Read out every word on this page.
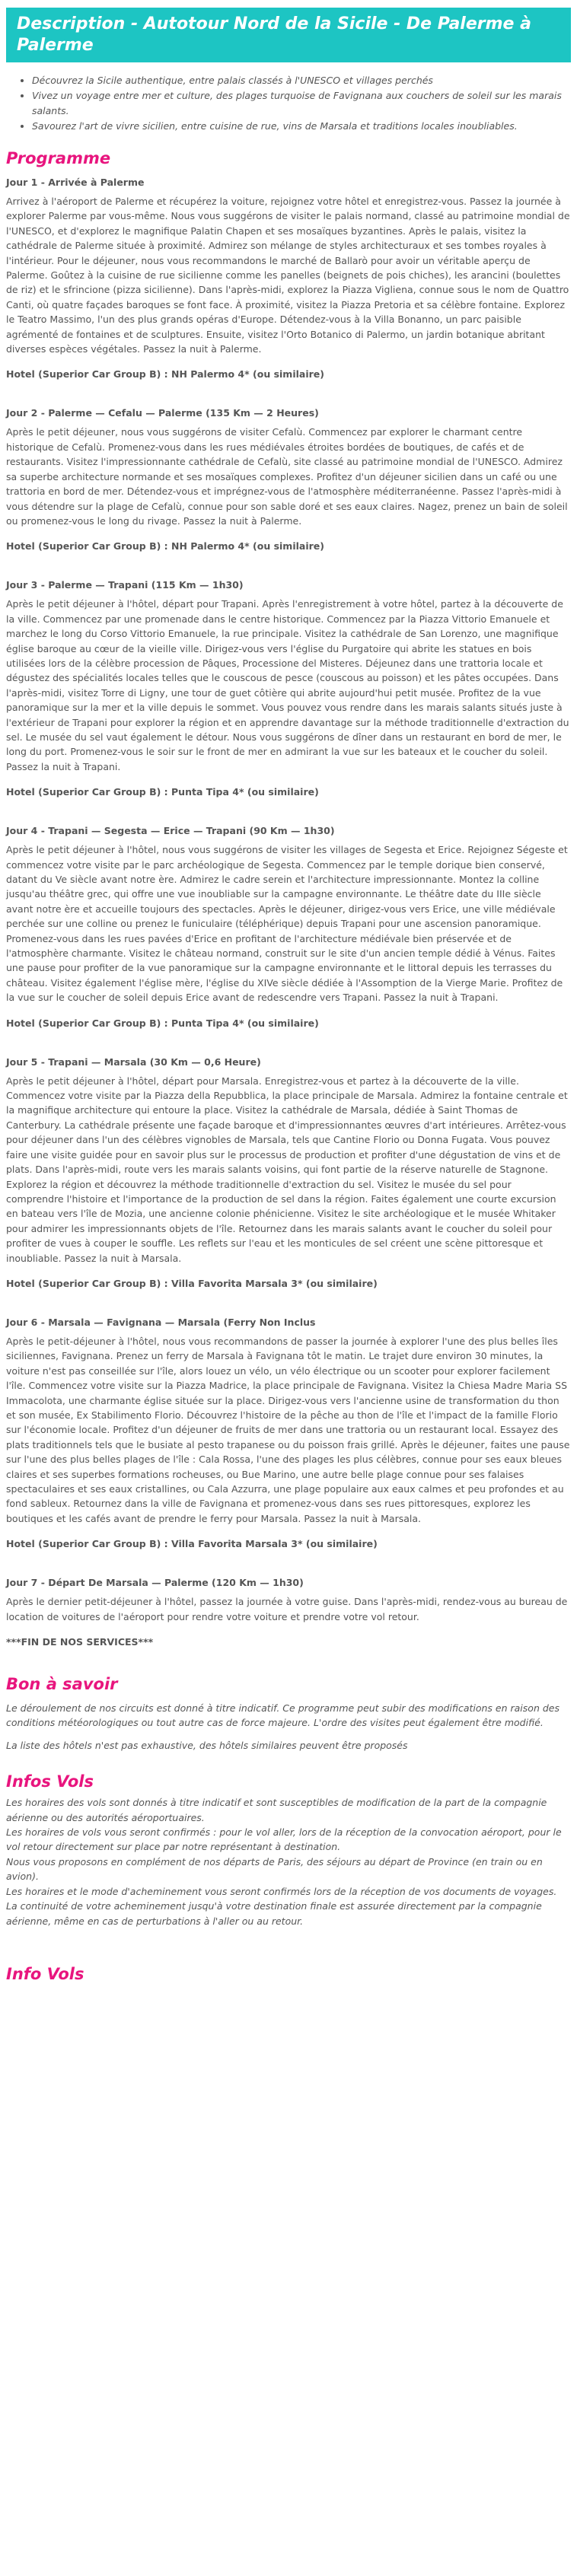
Description - Autotour Nord de la Sicile - De Palerme à Palerme
• Découvrez la Sicile authentique, entre palais classés à l'UNESCO et villages perchés
• Vivez un voyage entre mer et culture, des plages turquoise de Favignana aux couchers de soleil sur les marais salants.
• Savourez l'art de vivre sicilien, entre cuisine de rue, vins de Marsala et traditions locales inoubliables.
Programme
Jour 1 - Arrivée à Palerme
Arrivez à l'aéroport de Palerme et récupérez la voiture, rejoignez votre hôtel et enregistrez-vous. Passez la journée à explorer Palerme par vous-même. Nous vous suggérons de visiter le palais normand, classé au patrimoine mondial de l'UNESCO, et d'explorez le magnifique Palatin Chapen et ses mosaïques byzantines. Après le palais, visitez la cathédrale de Palerme située à proximité. Admirez son mélange de styles architecturaux et ses tombes royales à l'intérieur. Pour le déjeuner, nous vous recommandons le marché de Ballarò pour avoir un véritable aperçu de Palerme. Goûtez à la cuisine de rue sicilienne comme les panelles (beignets de pois chiches), les arancini (boulettes de riz) et le sfrincione (pizza sicilienne). Dans l'après-midi, explorez la Piazza Vigliena, connue sous le nom de Quattro Canti, où quatre façades baroques se font face. À proximité, visitez la Piazza Pretoria et sa célèbre fontaine. Explorez le Teatro Massimo, l'un des plus grands opéras d'Europe. Détendez-vous à la Villa Bonanno, un parc paisible agrémenté de fontaines et de sculptures. Ensuite, visitez l'Orto Botanico di Palermo, un jardin botanique abritant diverses espèces végétales. Passez la nuit à Palerme.
Hotel (Superior Car Group B) : NH Palermo 4* (ou similaire)
Jour 2 - Palerme — Cefalu — Palerme (135 Km — 2 Heures)
Après le petit déjeuner, nous vous suggérons de visiter Cefalù. Commencez par explorer le charmant centre historique de Cefalù. Promenez-vous dans les rues médiévales étroites bordées de boutiques, de cafés et de restaurants. Visitez l'impressionnante cathédrale de Cefalù, site classé au patrimoine mondial de l'UNESCO. Admirez sa superbe architecture normande et ses mosaïques complexes. Profitez d'un déjeuner sicilien dans un café ou une trattoria en bord de mer. Détendez-vous et imprégnez-vous de l'atmosphère méditerranéenne. Passez l'après-midi à vous détendre sur la plage de Cefalù, connue pour son sable doré et ses eaux claires. Nagez, prenez un bain de soleil ou promenez-vous le long du rivage. Passez la nuit à Palerme.
Hotel (Superior Car Group B) : NH Palermo 4* (ou similaire)
Jour 3 - Palerme — Trapani (115 Km — 1h30)
Après le petit déjeuner à l'hôtel, départ pour Trapani. Après l'enregistrement à votre hôtel, partez à la découverte de la ville. Commencez par une promenade dans le centre historique. Commencez par la Piazza Vittorio Emanuele et marchez le long du Corso Vittorio Emanuele, la rue principale. Visitez la cathédrale de San Lorenzo, une magnifique église baroque au cœur de la vieille ville. Dirigez-vous vers l'église du Purgatoire qui abrite les statues en bois utilisées lors de la célèbre procession de Pâques, Processione del Misteres. Déjeunez dans une trattoria locale et dégustez des spécialités locales telles que le couscous de pesce (couscous au poisson) et les pâtes occupées. Dans l'après-midi, visitez Torre di Ligny, une tour de guet côtière qui abrite aujourd'hui petit musée. Profitez de la vue panoramique sur la mer et la ville depuis le sommet. Vous pouvez vous rendre dans les marais salants situés juste à l'extérieur de Trapani pour explorer la région et en apprendre davantage sur la méthode traditionnelle d'extraction du sel. Le musée du sel vaut également le détour. Nous vous suggérons de dîner dans un restaurant en bord de mer, le long du port. Promenez-vous le soir sur le front de mer en admirant la vue sur les bateaux et le coucher du soleil. Passez la nuit à Trapani.
Hotel (Superior Car Group B) : Punta Tipa 4* (ou similaire)
Jour 4 - Trapani — Segesta — Erice — Trapani (90 Km — 1h30)
Après le petit déjeuner à l'hôtel, nous vous suggérons de visiter les villages de Segesta et Erice. Rejoignez Ségeste et commencez votre visite par le parc archéologique de Segesta. Commencez par le temple dorique bien conservé, datant du Ve siècle avant notre ère. Admirez le cadre serein et l'architecture impressionnante. Montez la colline jusqu'au théâtre grec, qui offre une vue inoubliable sur la campagne environnante. Le théâtre date du IIIe siècle avant notre ère et accueille toujours des spectacles. Après le déjeuner, dirigez-vous vers Erice, une ville médiévale perchée sur une colline ou prenez le funiculaire (téléphérique) depuis Trapani pour une ascension panoramique. Promenez-vous dans les rues pavées d'Erice en profitant de l'architecture médiévale bien préservée et de l'atmosphère charmante. Visitez le château normand, construit sur le site d'un ancien temple dédié à Vénus. Faites une pause pour profiter de la vue panoramique sur la campagne environnante et le littoral depuis les terrasses du château. Visitez également l'église mère, l'église du XIVe siècle dédiée à l'Assomption de la Vierge Marie. Profitez de la vue sur le coucher de soleil depuis Erice avant de redescendre vers Trapani. Passez la nuit à Trapani.
Hotel (Superior Car Group B) : Punta Tipa 4* (ou similaire)
Jour 5 - Trapani — Marsala (30 Km — 0,6 Heure)
Après le petit déjeuner à l'hôtel, départ pour Marsala. Enregistrez-vous et partez à la découverte de la ville. Commencez votre visite par la Piazza della Repubblica, la place principale de Marsala. Admirez la fontaine centrale et la magnifique architecture qui entoure la place. Visitez la cathédrale de Marsala, dédiée à Saint Thomas de Canterbury. La cathédrale présente une façade baroque et d'impressionnantes œuvres d'art intérieures. Arrêtez-vous pour déjeuner dans l'un des célèbres vignobles de Marsala, tels que Cantine Florio ou Donna Fugata. Vous pouvez faire une visite guidée pour en savoir plus sur le processus de production et profiter d'une dégustation de vins et de plats. Dans l'après-midi, route vers les marais salants voisins, qui font partie de la réserve naturelle de Stagnone. Explorez la région et découvrez la méthode traditionnelle d'extraction du sel. Visitez le musée du sel pour comprendre l'histoire et l'importance de la production de sel dans la région. Faites également une courte excursion en bateau vers l'île de Mozia, une ancienne colonie phénicienne. Visitez le site archéologique et le musée Whitaker pour admirer les impressionnants objets de l'île. Retournez dans les marais salants avant le coucher du soleil pour profiter de vues à couper le souffle. Les reflets sur l'eau et les monticules de sel créent une scène pittoresque et inoubliable. Passez la nuit à Marsala.
Hotel (Superior Car Group B) : Villa Favorita Marsala 3* (ou similaire)
Jour 6 - Marsala — Favignana — Marsala (Ferry Non Inclus
Après le petit-déjeuner à l'hôtel, nous vous recommandons de passer la journée à explorer l'une des plus belles îles siciliennes, Favignana. Prenez un ferry de Marsala à Favignana tôt le matin. Le trajet dure environ 30 minutes, la voiture n'est pas conseillée sur l'île, alors louez un vélo, un vélo électrique ou un scooter pour explorer facilement l'île. Commencez votre visite sur la Piazza Madrice, la place principale de Favignana. Visitez la Chiesa Madre Maria SS Immacolota, une charmante église située sur la place. Dirigez-vous vers l'ancienne usine de transformation du thon et son musée, Ex Stabilimento Florio. Découvrez l'histoire de la pêche au thon de l'île et l'impact de la famille Florio sur l'économie locale. Profitez d'un déjeuner de fruits de mer dans une trattoria ou un restaurant local. Essayez des plats traditionnels tels que le busiate al pesto trapanese ou du poisson frais grillé. Après le déjeuner, faites une pause sur l'une des plus belles plages de l'île : Cala Rossa, l'une des plages les plus célèbres, connue pour ses eaux bleues claires et ses superbes formations rocheuses, ou Bue Marino, une autre belle plage connue pour ses falaises spectaculaires et ses eaux cristallines, ou Cala Azzurra, une plage populaire aux eaux calmes et peu profondes et au fond sableux. Retournez dans la ville de Favignana et promenez-vous dans ses rues pittoresques, explorez les boutiques et les cafés avant de prendre le ferry pour Marsala. Passez la nuit à Marsala.
Hotel (Superior Car Group B) : Villa Favorita Marsala 3* (ou similaire)
Jour 7 - Départ De Marsala — Palerme (120 Km — 1h30)
Après le dernier petit-déjeuner à l'hôtel, passez la journée à votre guise. Dans l'après-midi, rendez-vous au bureau de location de voitures de l'aéroport pour rendre votre voiture et prendre votre vol retour.
***FIN DE NOS SERVICES***
Bon à savoir
Le déroulement de nos circuits est donné à titre indicatif. Ce programme peut subir des modifications en raison des conditions météorologiques ou tout autre cas de force majeure. L'ordre des visites peut également être modifié.
La liste des hôtels n'est pas exhaustive, des hôtels similaires peuvent être proposés
Infos Vols
Les horaires des vols sont donnés à titre indicatif et sont susceptibles de modification de la part de la compagnie aérienne ou des autorités aéroportuaires.
Les horaires de vols vous seront confirmés : pour le vol aller, lors de la réception de la convocation aéroport, pour le vol retour directement sur place par notre représentant à destination.
Nous vous proposons en complément de nos départs de Paris, des séjours au départ de Province (en train ou en avion).
Les horaires et le mode d'acheminement vous seront confirmés lors de la réception de vos documents de voyages.
La continuité de votre acheminement jusqu'à votre destination finale est assurée directement par la compagnie aérienne, même en cas de perturbations à l'aller ou au retour.
Info Vols
